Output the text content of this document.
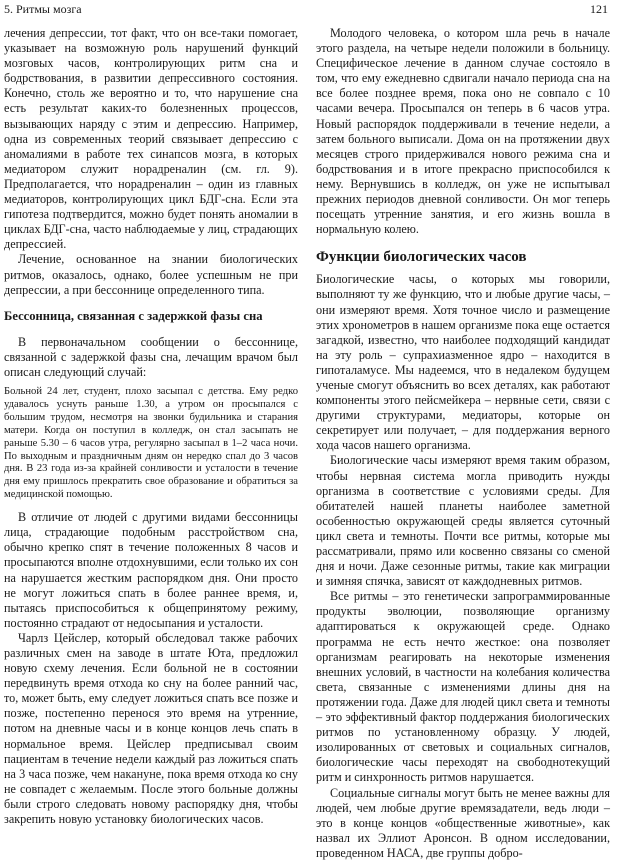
5. Ритмы мозга	121

лечения депрессии, тот факт, что он все-таки помогает, указывает на возможную роль нарушений функций мозговых часов, контролирующих ритм сна и бодрствования, в развитии депрессивного состояния. Конечно, столь же вероятно и то, что нарушение сна есть результат каких-то болезненных процессов, вызывающих наряду с этим и депрессию. Например, одна из современных теорий связывает депрессию с аномалиями в работе тех синапсов мозга, в которых медиатором служит норадреналин (см. гл. 9). Предполагается, что норадреналин – один из главных медиаторов, контролирующих цикл БДГ-сна. Если эта гипотеза подтвердится, можно будет понять аномалии в циклах БДГ-сна, часто наблюдаемые у лиц, страдающих депрессией.

Лечение, основанное на знании биологических ритмов, оказалось, однако, более успешным не при депрессии, а при бессоннице определенного типа.

Бессонница, связанная с задержкой фазы сна

В первоначальном сообщении о бессоннице, связанной с задержкой фазы сна, лечащим врачом был описан следующий случай:

Больной 24 лет, студент, плохо засыпал с детства. Ему редко удавалось уснуть раньше 1.30, а утром он просыпался с большим трудом, несмотря на звонки будильника и старания матери. Когда он поступил в колледж, он стал засыпать не раньше 5.30 – 6 часов утра, регулярно засыпал в 1–2 часа ночи. По выходным и праздничным дням он нередко спал до 3 часов дня. В 23 года из-за крайней сонливости и усталости в течение дня ему пришлось прекратить свое образование и обратиться за медицинской помощью.

В отличие от людей с другими видами бессонницы лица, страдающие подобным расстройством сна, обычно крепко спят в течение положенных 8 часов и просыпаются вполне отдохнувшими, если только их сон на нарушается жестким распорядком дня. Они просто не могут ложиться спать в более раннее время, и, пытаясь приспособиться к общепринятому режиму, постоянно страдают от недосыпания и усталости.

Чарлз Цейслер, который обследовал также рабочих различных смен на заводе в штате Юта, предложил новую схему лечения. Если больной не в состоянии передвинуть время отхода ко сну на более ранний час, то, может быть, ему следует ложиться спать все позже и позже, постепенно перенося это время на утренние, потом на дневные часы и в конце концов лечь спать в нормальное время. Цейслер предписывал своим пациентам в течение недели каждый раз ложиться спать на 3 часа позже, чем накануне, пока время отхода ко сну не совпадет с желаемым. После этого больные должны были строго следовать новому распорядку дня, чтобы закрепить новую установку биологических часов.

Молодого человека, о котором шла речь в начале этого раздела, на четыре недели положили в больницу. Специфическое лечение в данном случае состояло в том, что ему ежедневно сдвигали начало периода сна на все более позднее время, пока оно не совпало с 10 часами вечера. Просыпался он теперь в 6 часов утра. Новый распорядок поддерживали в течение недели, а затем больного выписали. Дома он на протяжении двух месяцев строго придерживался нового режима сна и бодрствования и в итоге прекрасно приспособился к нему. Вернувшись в колледж, он уже не испытывал прежних периодов дневной сонливости. Он мог теперь посещать утренние занятия, и его жизнь вошла в нормальную колею.

Функции биологических часов

Биологические часы, о которых мы говорили, выполняют ту же функцию, что и любые другие часы, – они измеряют время. Хотя точное число и размещение этих хронометров в нашем организме пока еще остается загадкой, известно, что наиболее подходящий кандидат на эту роль – супрахиазменное ядро – находится в гипоталамусе. Мы надеемся, что в недалеком будущем ученые смогут объяснить во всех деталях, как работают компоненты этого пейсмейкера – нервные сети, связи с другими структурами, медиаторы, которые он секретирует или получает, – для поддержания верного хода часов нашего организма.

Биологические часы измеряют время таким образом, чтобы нервная система могла приводить нужды организма в соответствие с условиями среды. Для обитателей нашей планеты наиболее заметной особенностью окружающей среды является суточный цикл света и темноты. Почти все ритмы, которые мы рассматривали, прямо или косвенно связаны со сменой дня и ночи. Даже сезонные ритмы, такие как миграции и зимняя спячка, зависят от каждодневных ритмов.

Все ритмы – это генетически запрограммированные продукты эволюции, позволяющие организму адаптироваться к окружающей среде. Однако программа не есть нечто жесткое: она позволяет организмам реагировать на некоторые изменения внешних условий, в частности на колебания количества света, связанные с изменениями длины дня на протяжении года. Даже для людей цикл света и темноты – это эффективный фактор поддержания биологических ритмов по установленному образцу. У людей, изолированных от световых и социальных сигналов, биологические часы переходят на свободнотекущий ритм и синхронность ритмов нарушается.

Социальные сигналы могут быть не менее важны для людей, чем любые другие времязадатели, ведь люди – это в конце концов «общественные животные», как назвал их Эллиот Аронсон. В одном исследовании, проведенном НАСА, две группы добро-
